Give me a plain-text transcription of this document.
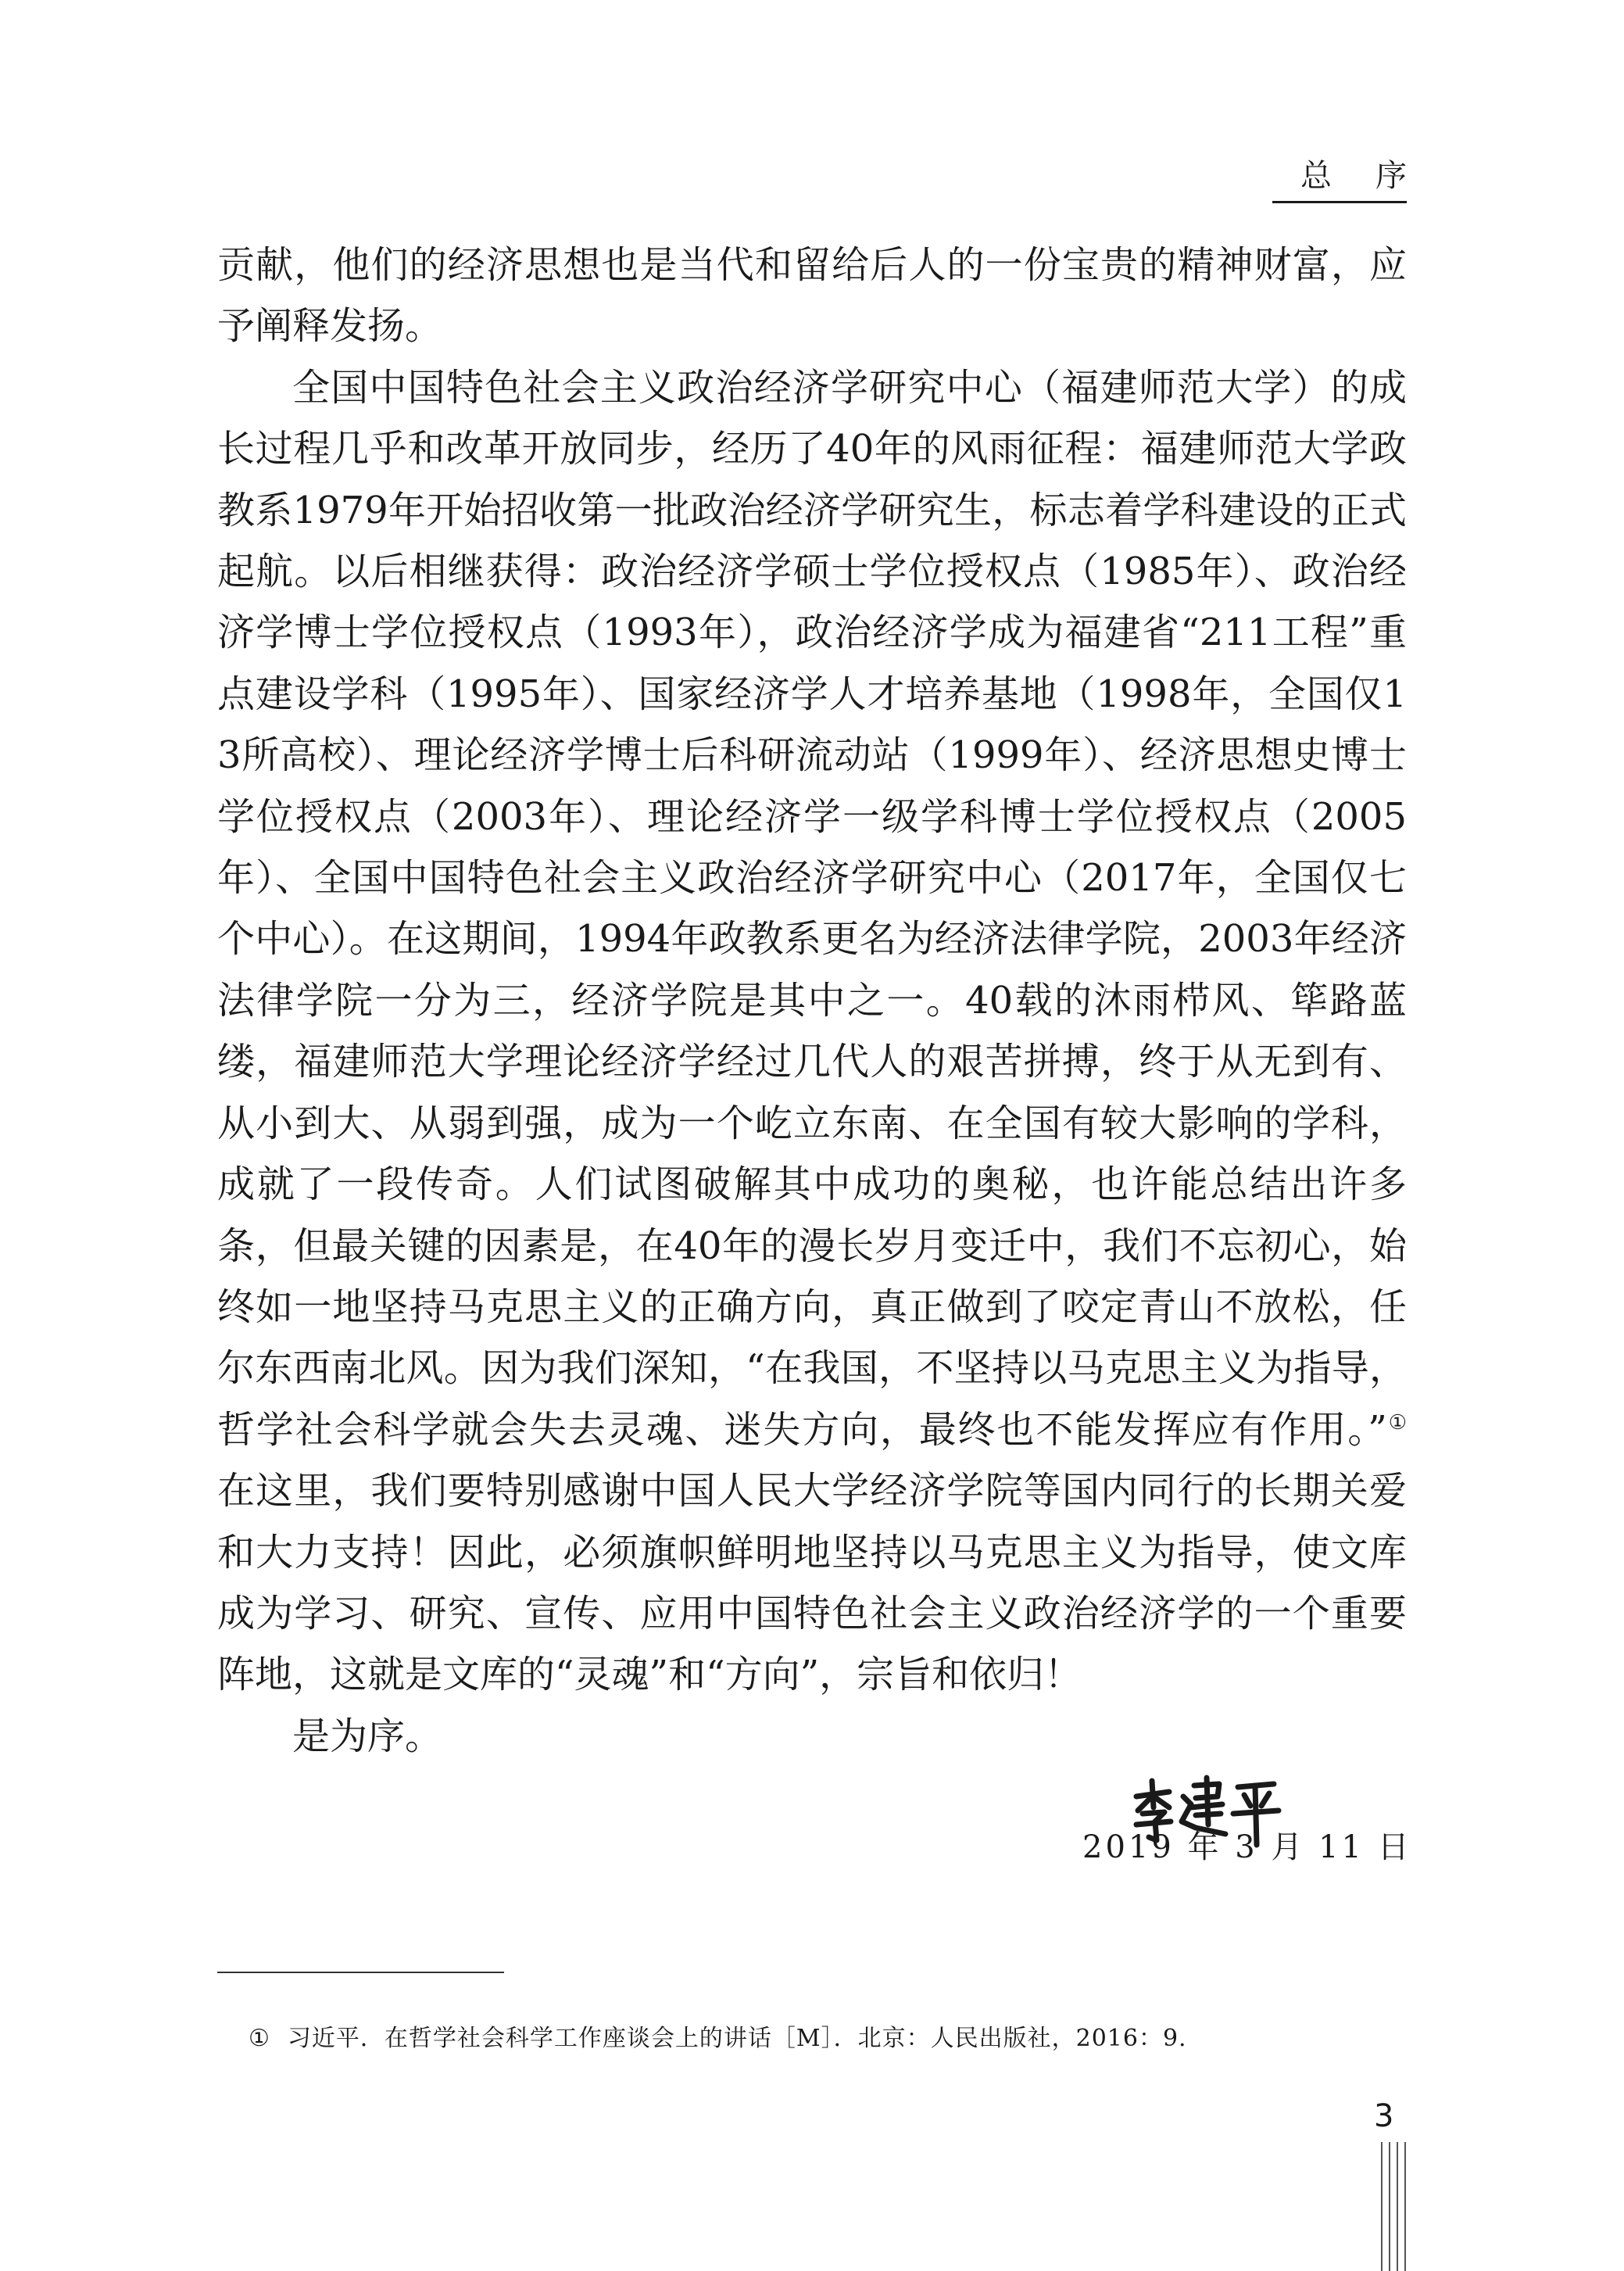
总序

贡献，他们的经济思想也是当代和留给后人的一份宝贵的精神财富，应予阐释发扬。

全国中国特色社会主义政治经济学研究中心（福建师范大学）的成长过程几乎和改革开放同步，经历了40年的风雨征程：福建师范大学政教系1979年开始招收第一批政治经济学研究生，标志着学科建设的正式起航。以后相继获得：政治经济学硕士学位授权点（1985年）、政治经济学博士学位授权点（1993年），政治经济学成为福建省“211工程”重点建设学科（1995年）、国家经济学人才培养基地（1998年，全国仅13所高校）、理论经济学博士后科研流动站（1999年）、经济思想史博士学位授权点（2003年）、理论经济学一级学科博士学位授权点（2005年）、全国中国特色社会主义政治经济学研究中心（2017年，全国仅七个中心）。在这期间，1994年政教系更名为经济法律学院，2003年经济法律学院一分为三，经济学院是其中之一。40载的沐雨栉风、筚路蓝缕，福建师范大学理论经济学经过几代人的艰苦拼搏，终于从无到有、从小到大、从弱到强，成为一个屹立东南、在全国有较大影响的学科，成就了一段传奇。人们试图破解其中成功的奥秘，也许能总结出许多条，但最关键的因素是，在40年的漫长岁月变迁中，我们不忘初心，始终如一地坚持马克思主义的正确方向，真正做到了咬定青山不放松，任尔东西南北风。因为我们深知，“在我国，不坚持以马克思主义为指导，哲学社会科学就会失去灵魂、迷失方向，最终也不能发挥应有作用。”① 在这里，我们要特别感谢中国人民大学经济学院等国内同行的长期关爱和大力支持！因此，必须旗帜鲜明地坚持以马克思主义为指导，使文库成为学习、研究、宣传、应用中国特色社会主义政治经济学的一个重要阵地，这就是文库的“灵魂”和“方向”，宗旨和依归！

是为序。

2019 年 3 月 11 日
① 习近平．在哲学社会科学工作座谈会上的讲话［M］．北京：人民出版社，2016：9.
3
